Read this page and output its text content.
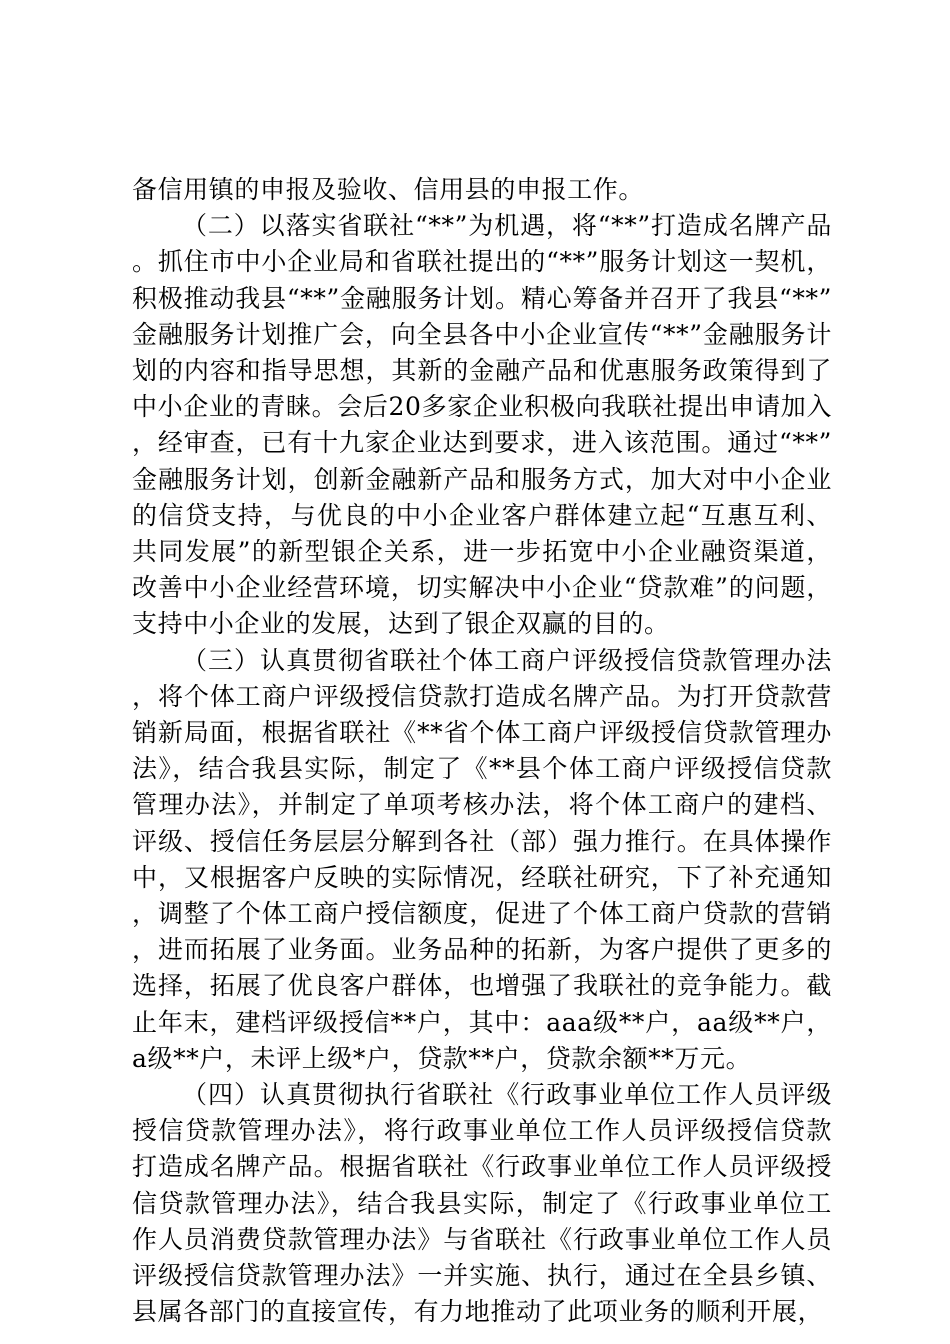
备信用镇的申报及验收、信用县的申报工作。

（二）以落实省联社“**”为机遇，将“**”打造成名牌产品。抓住市中小企业局和省联社提出的“**”服务计划这一契机，积极推动我县“**”金融服务计划。精心筹备并召开了我县“**”金融服务计划推广会，向全县各中小企业宣传“**”金融服务计划的内容和指导思想，其新的金融产品和优惠服务政策得到了中小企业的青睐。会后20多家企业积极向我联社提出申请加入，经审查，已有十九家企业达到要求，进入该范围。通过“**”金融服务计划，创新金融新产品和服务方式，加大对中小企业的信贷支持，与优良的中小企业客户群体建立起“互惠互利、共同发展”的新型银企关系，进一步拓宽中小企业融资渠道，改善中小企业经营环境，切实解决中小企业“贷款难”的问题，支持中小企业的发展，达到了银企双赢的目的。

（三）认真贯彻省联社个体工商户评级授信贷款管理办法，将个体工商户评级授信贷款打造成名牌产品。为打开贷款营销新局面，根据省联社《**省个体工商户评级授信贷款管理办法》，结合我县实际，制定了《**县个体工商户评级授信贷款管理办法》，并制定了单项考核办法，将个体工商户的建档、评级、授信任务层层分解到各社（部）强力推行。在具体操作中，又根据客户反映的实际情况，经联社研究，下了补充通知，调整了个体工商户授信额度，促进了个体工商户贷款的营销，进而拓展了业务面。业务品种的拓新，为客户提供了更多的选择，拓展了优良客户群体，也增强了我联社的竞争能力。截止年末，建档评级授信**户，其中：aaa级**户，aa级**户，a级**户，未评上级*户，贷款**户，贷款余额**万元。

（四）认真贯彻执行省联社《行政事业单位工作人员评级授信贷款管理办法》，将行政事业单位工作人员评级授信贷款打造成名牌产品。根据省联社《行政事业单位工作人员评级授信贷款管理办法》，结合我县实际，制定了《行政事业单位工作人员消费贷款管理办法》与省联社《行政事业单位工作人员评级授信贷款管理办法》一并实施、执行，通过在全县乡镇、县属各部门的直接宣传，有力地推动了此项业务的顺利开展，
